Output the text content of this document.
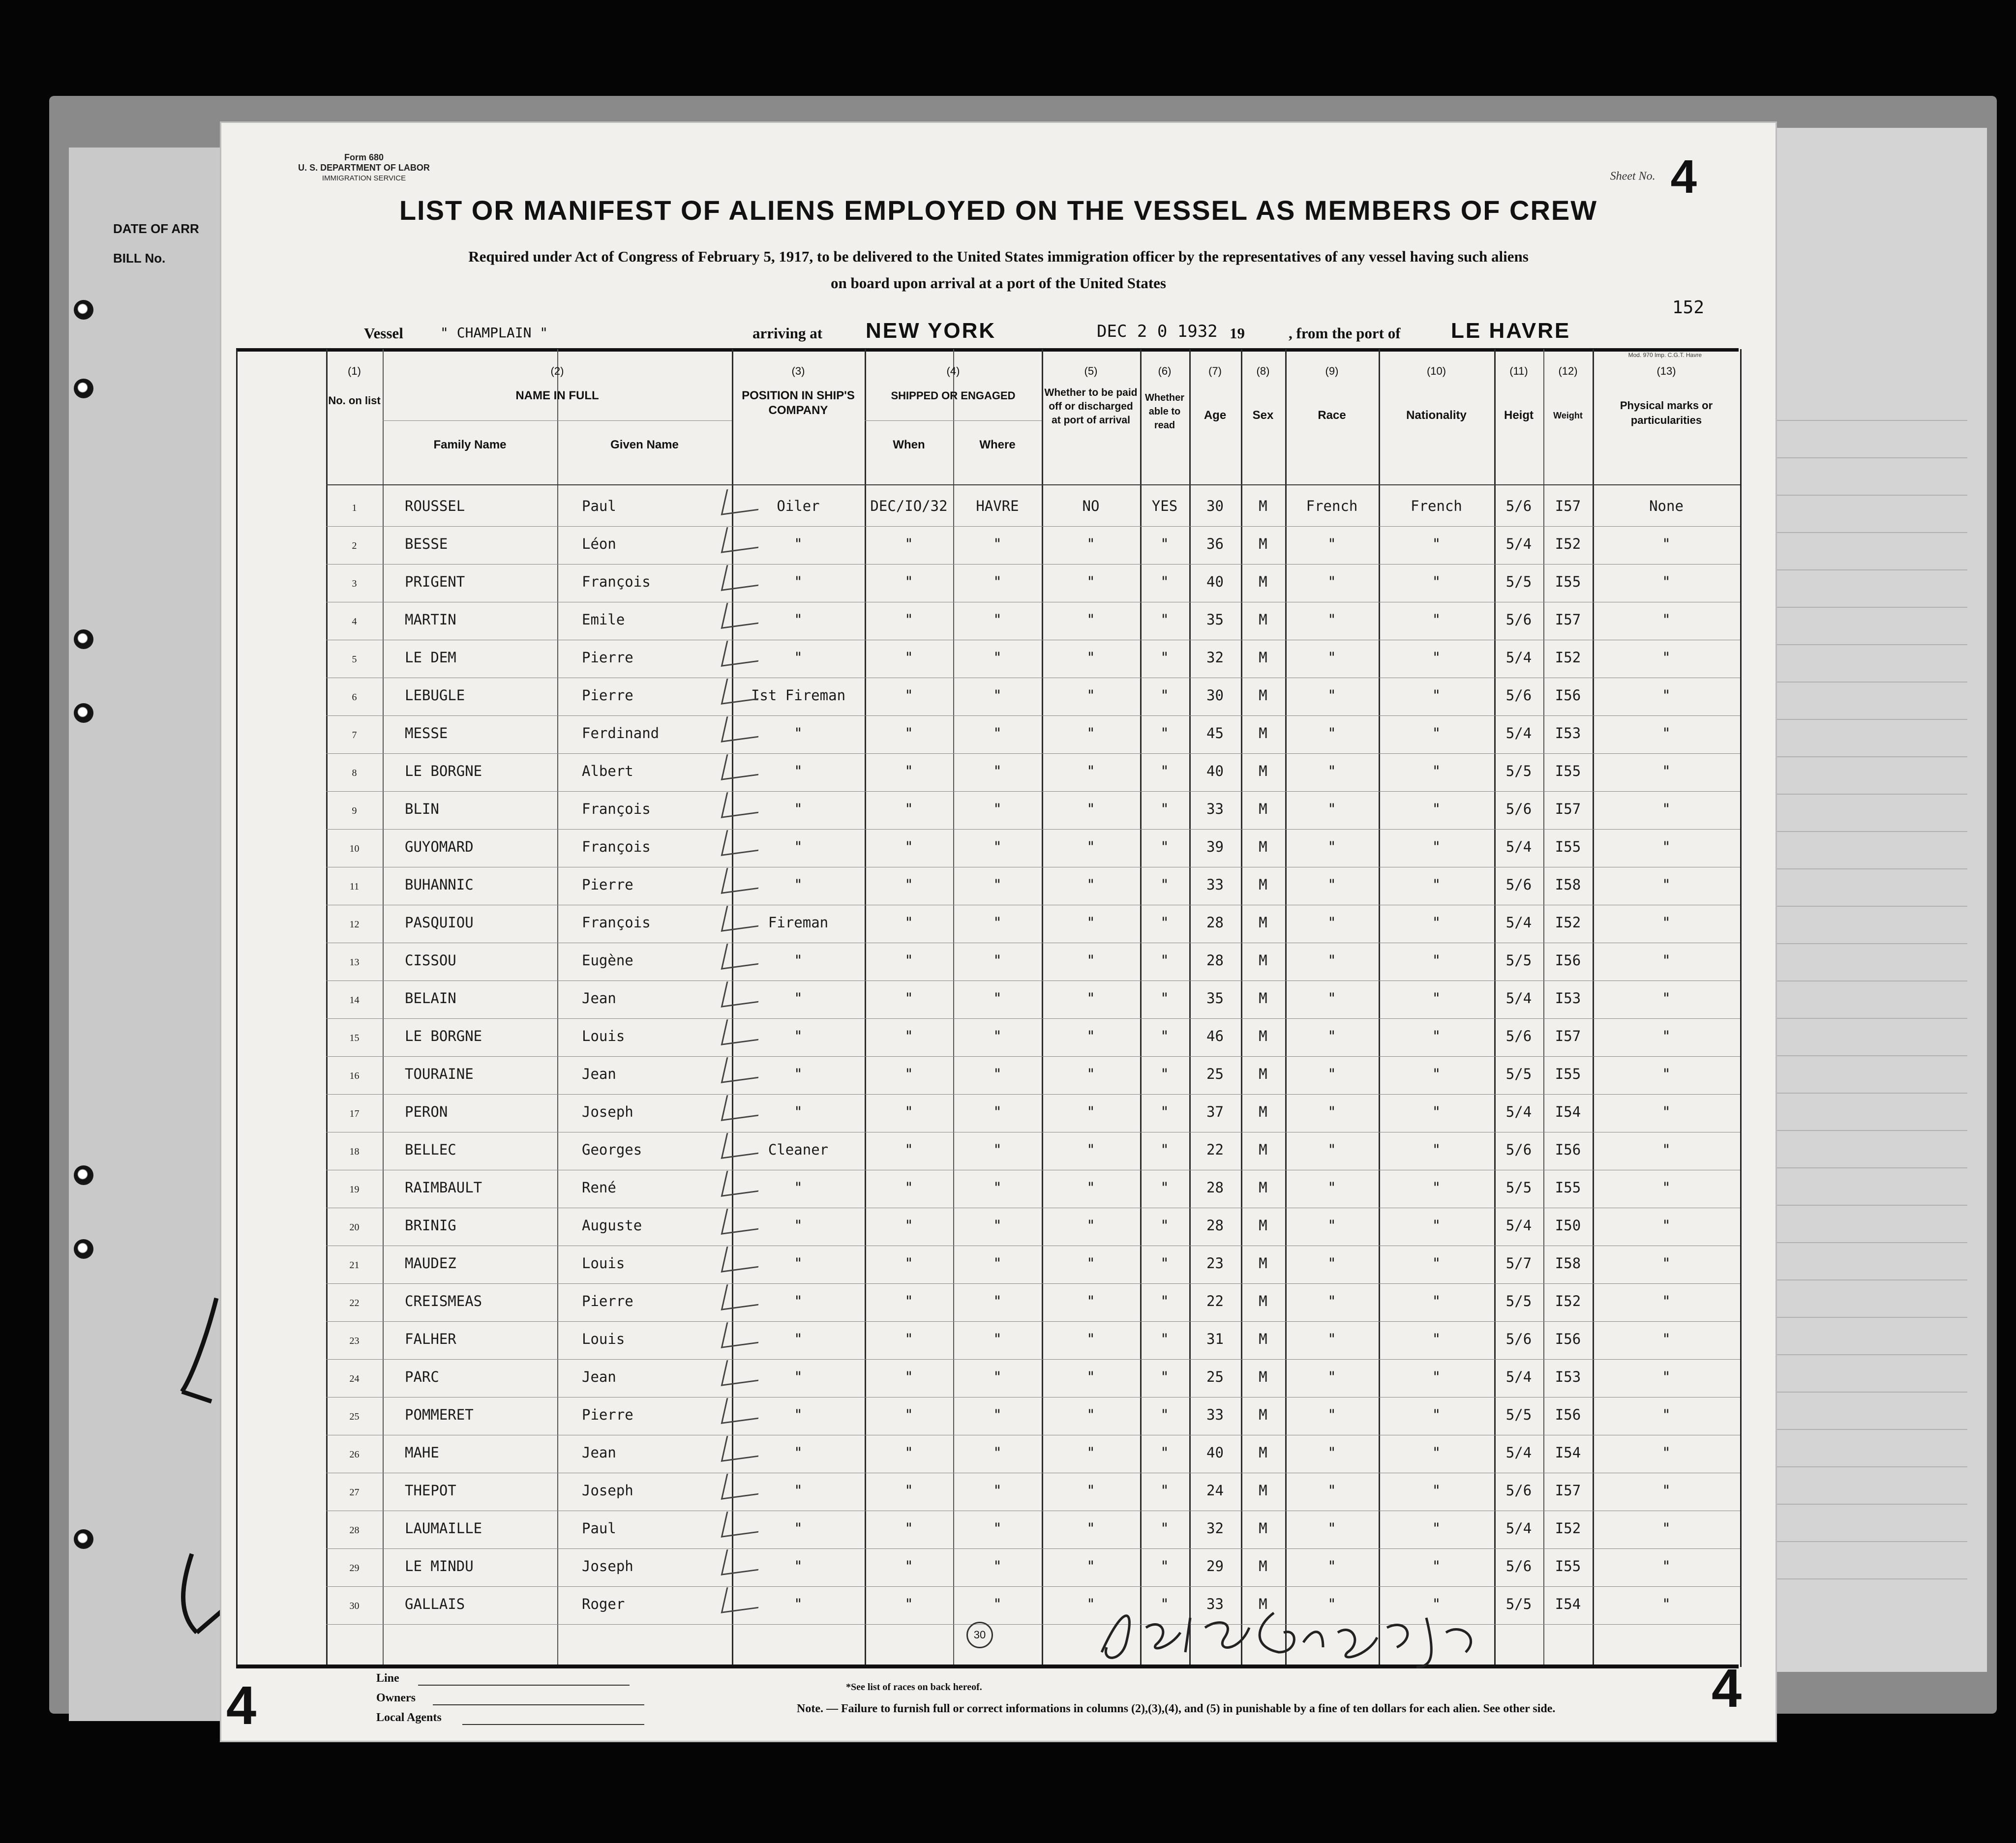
DATE OF ARR
BILL No.
Form 680
U. S. DEPARTMENT OF LABOR
IMMIGRATION SERVICE	Sheet No. 4
LIST OR MANIFEST OF ALIENS EMPLOYED ON THE VESSEL AS MEMBERS OF CREW
Required under Act of Congress of February 5, 1917, to be delivered to the United States immigration officer by the representatives of any vessel having such aliens
on board upon arrival at a port of the United States
152
Vessel	" CHAMPLAIN "	arriving at NEW YORK	DEC 2 0 1932 19	, from the port of LE HAVRE
Mod. 970 Imp. C.G.T. Havre
(1)
No. on list
(2)
NAME IN FULL
Family Name	Given Name
(3)
POSITION IN SHIP'S COMPANY
(4)
SHIPPED OR ENGAGED
When	Where
(5)
Whether to be paid off or discharged at port of arrival
(6)
Whether able to read
(7)
Age
(8)
Sex
(9)
Race
(10)
Nationality
(11)
Heigt
(12)
Weight
(13)
Physical marks or particularities
1	ROUSSEL	Paul	Oiler	DEC/IO/32	HAVRE	NO	YES	30	M	French	French	5/6	I57	None
2	BESSE	Léon	"	"	"	"	"	36	M	"	"	5/4	I52	"
3	PRIGENT	François	"	"	"	"	"	40	M	"	"	5/5	I55	"
4	MARTIN	Emile	"	"	"	"	"	35	M	"	"	5/6	I57	"
5	LE DEM	Pierre	"	"	"	"	"	32	M	"	"	5/4	I52	"
6	LEBUGLE	Pierre	Ist Fireman	"	"	"	"	30	M	"	"	5/6	I56	"
7	MESSE	Ferdinand	"	"	"	"	"	45	M	"	"	5/4	I53	"
8	LE BORGNE	Albert	"	"	"	"	"	40	M	"	"	5/5	I55	"
9	BLIN	François	"	"	"	"	"	33	M	"	"	5/6	I57	"
10	GUYOMARD	François	"	"	"	"	"	39	M	"	"	5/4	I55	"
11	BUHANNIC	Pierre	"	"	"	"	"	33	M	"	"	5/6	I58	"
12	PASQUIOU	François	Fireman	"	"	"	"	28	M	"	"	5/4	I52	"
13	CISSOU	Eugène	"	"	"	"	"	28	M	"	"	5/5	I56	"
14	BELAIN	Jean	"	"	"	"	"	35	M	"	"	5/4	I53	"
15	LE BORGNE	Louis	"	"	"	"	"	46	M	"	"	5/6	I57	"
16	TOURAINE	Jean	"	"	"	"	"	25	M	"	"	5/5	I55	"
17	PERON	Joseph	"	"	"	"	"	37	M	"	"	5/4	I54	"
18	BELLEC	Georges	Cleaner	"	"	"	"	22	M	"	"	5/6	I56	"
19	RAIMBAULT	René	"	"	"	"	"	28	M	"	"	5/5	I55	"
20	BRINIG	Auguste	"	"	"	"	"	28	M	"	"	5/4	I50	"
21	MAUDEZ	Louis	"	"	"	"	"	23	M	"	"	5/7	I58	"
22	CREISMEAS	Pierre	"	"	"	"	"	22	M	"	"	5/5	I52	"
23	FALHER	Louis	"	"	"	"	"	31	M	"	"	5/6	I56	"
24	PARC	Jean	"	"	"	"	"	25	M	"	"	5/4	I53	"
25	POMMERET	Pierre	"	"	"	"	"	33	M	"	"	5/5	I56	"
26	MAHE	Jean	"	"	"	"	"	40	M	"	"	5/4	I54	"
27	THEPOT	Joseph	"	"	"	"	"	24	M	"	"	5/6	I57	"
28	LAUMAILLE	Paul	"	"	"	"	"	32	M	"	"	5/4	I52	"
29	LE MINDU	Joseph	"	"	"	"	"	29	M	"	"	5/6	I55	"
30	GALLAIS	Roger	"	"	"	"	"	33	M	"	"	5/5	I54	"
30
4	4
Line
Owners
Local Agents
*See list of races on back hereof.
Note. — Failure to furnish full or correct informations in columns (2),(3),(4), and (5) in punishable by a fine of ten dollars for each alien. See other side.
